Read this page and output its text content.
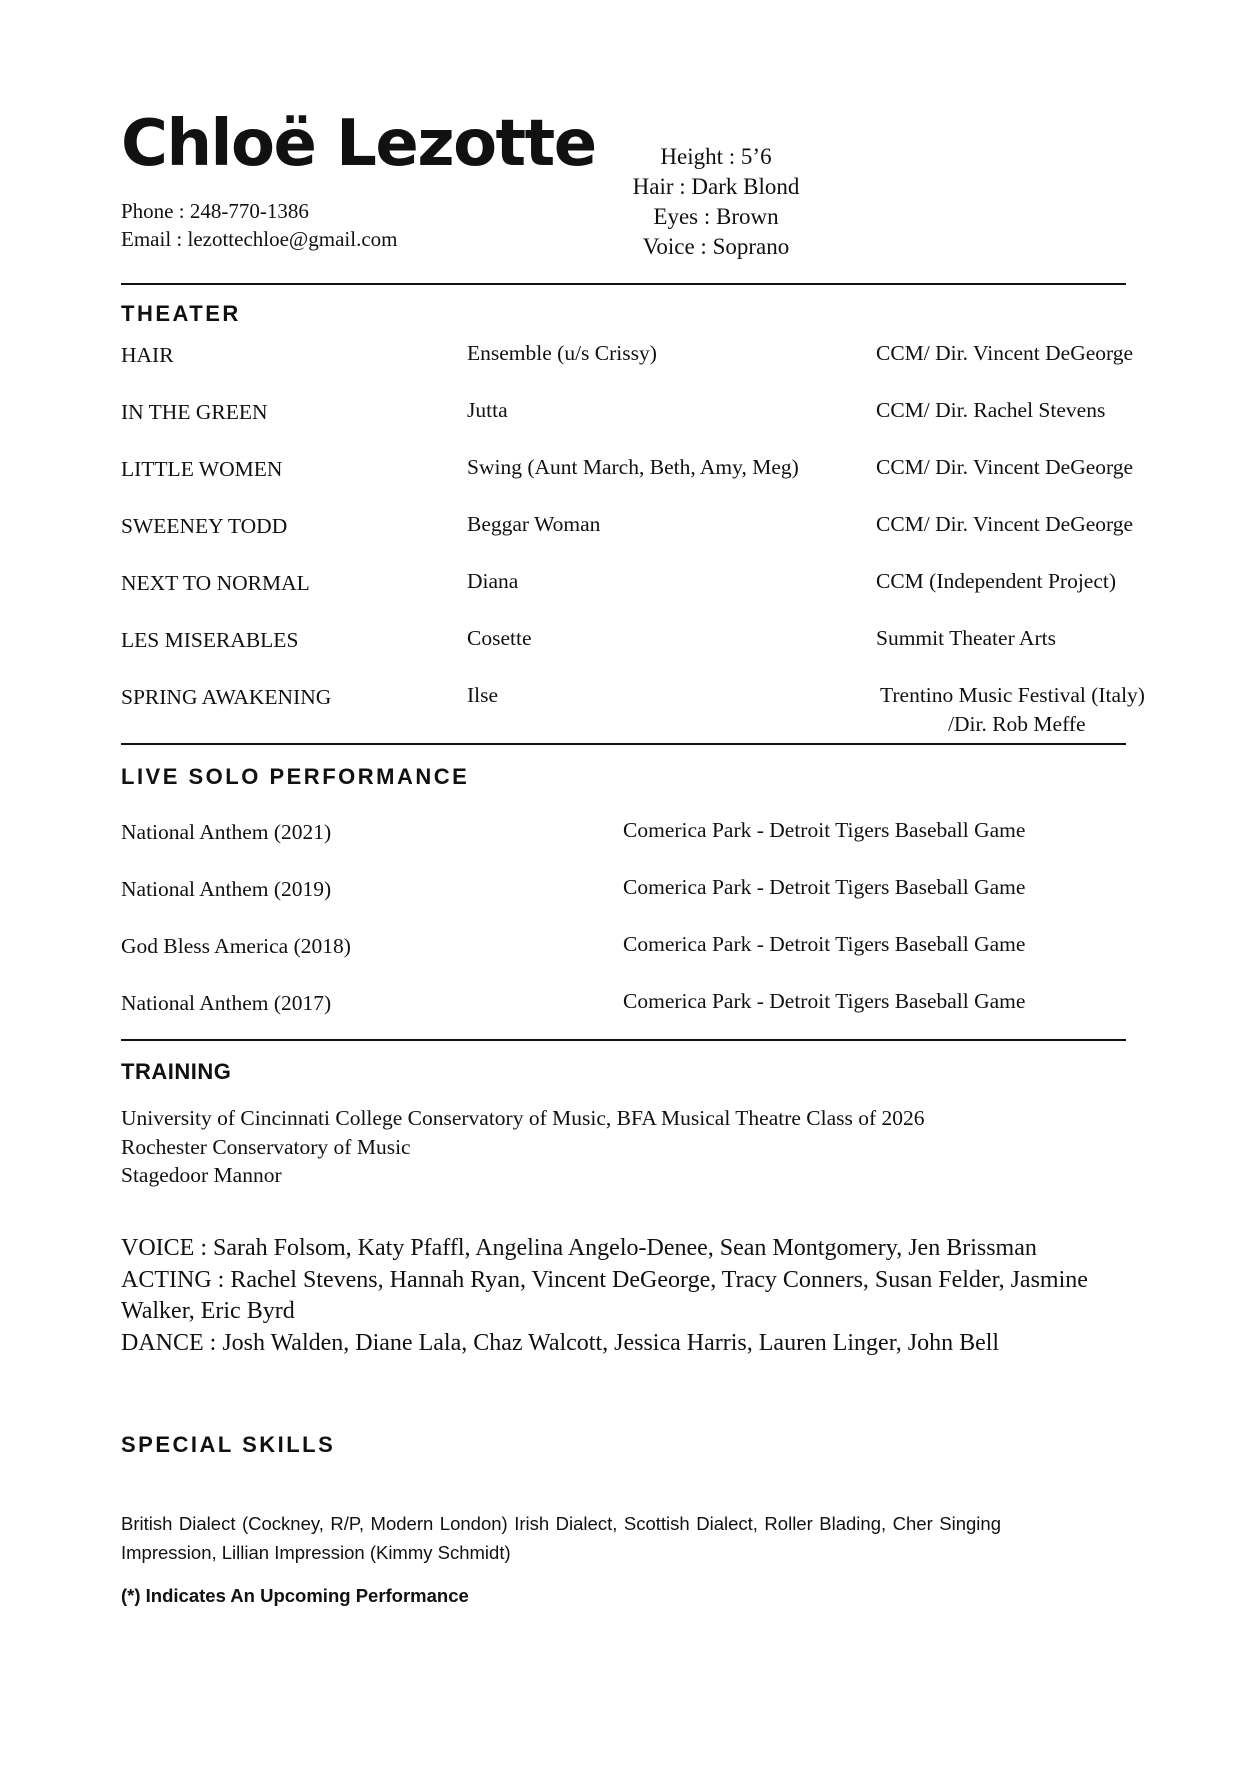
Chloë Lezotte
Phone : 248-770-1386
Email : lezottechloe@gmail.com
Height : 5’6
Hair : Dark Blond
Eyes : Brown
Voice : Soprano
THEATER
HAIR	Ensemble (u/s Crissy)	CCM/ Dir. Vincent DeGeorge
IN THE GREEN	Jutta	CCM/ Dir. Rachel Stevens
LITTLE WOMEN	Swing (Aunt March, Beth, Amy, Meg)	CCM/ Dir. Vincent DeGeorge
SWEENEY TODD	Beggar Woman	CCM/ Dir. Vincent DeGeorge
NEXT TO NORMAL	Diana	CCM (Independent Project)
LES MISERABLES	Cosette	Summit Theater Arts
SPRING AWAKENING	Ilse	Trentino Music Festival (Italy)
/Dir. Rob Meffe
LIVE SOLO PERFORMANCE
National Anthem (2021)	Comerica Park - Detroit Tigers Baseball Game
National Anthem (2019)	Comerica Park - Detroit Tigers Baseball Game
God Bless America (2018)	Comerica Park - Detroit Tigers Baseball Game
National Anthem (2017)	Comerica Park - Detroit Tigers Baseball Game
TRAINING
University of Cincinnati College Conservatory of Music, BFA Musical Theatre Class of 2026
Rochester Conservatory of Music
Stagedoor Mannor
VOICE : Sarah Folsom, Katy Pfaffl, Angelina Angelo-Denee, Sean Montgomery, Jen Brissman
ACTING : Rachel Stevens, Hannah Ryan, Vincent DeGeorge, Tracy Conners, Susan Felder, Jasmine Walker, Eric Byrd
DANCE : Josh Walden, Diane Lala, Chaz Walcott, Jessica Harris, Lauren Linger, John Bell
SPECIAL SKILLS
British Dialect (Cockney, R/P, Modern London) Irish Dialect, Scottish Dialect, Roller Blading, Cher Singing Impression, Lillian Impression (Kimmy Schmidt)
(*) Indicates An Upcoming Performance
